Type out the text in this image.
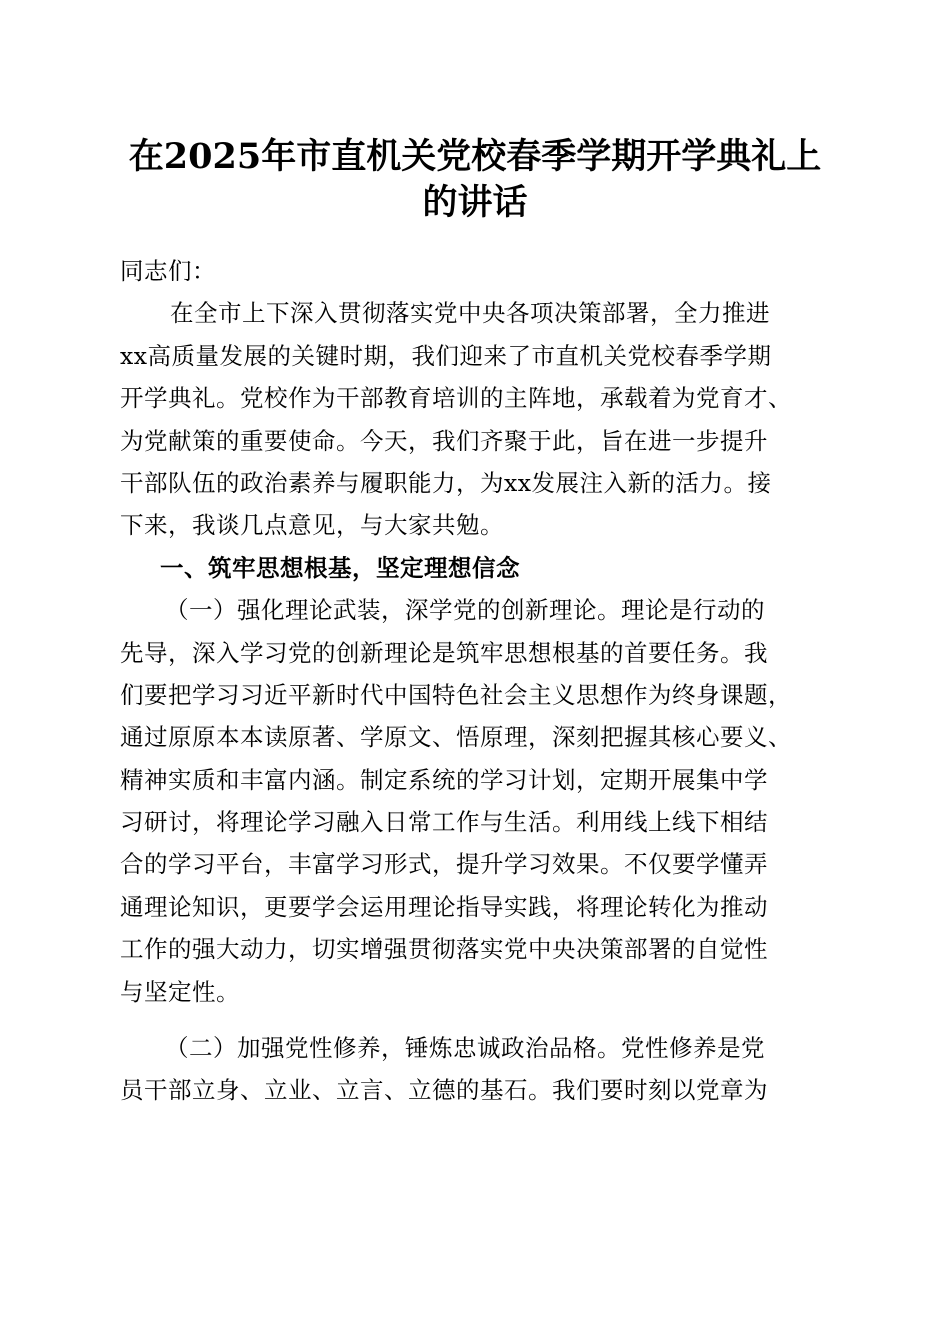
在2025年市直机关党校春季学期开学典礼上
的讲话
同志们：
在全市上下深入贯彻落实党中央各项决策部署，全力推进
xx高质量发展的关键时期，我们迎来了市直机关党校春季学期
开学典礼。党校作为干部教育培训的主阵地，承载着为党育才、
为党献策的重要使命。今天，我们齐聚于此，旨在进一步提升
干部队伍的政治素养与履职能力，为xx发展注入新的活力。接
下来，我谈几点意见，与大家共勉。
一、筑牢思想根基，坚定理想信念
（一）强化理论武装，深学党的创新理论。理论是行动的
先导，深入学习党的创新理论是筑牢思想根基的首要任务。我
们要把学习习近平新时代中国特色社会主义思想作为终身课题，
通过原原本本读原著、学原文、悟原理，深刻把握其核心要义、
精神实质和丰富内涵。制定系统的学习计划，定期开展集中学
习研讨，将理论学习融入日常工作与生活。利用线上线下相结
合的学习平台，丰富学习形式，提升学习效果。不仅要学懂弄
通理论知识，更要学会运用理论指导实践，将理论转化为推动
工作的强大动力，切实增强贯彻落实党中央决策部署的自觉性
与坚定性。
（二）加强党性修养，锤炼忠诚政治品格。党性修养是党
员干部立身、立业、立言、立德的基石。我们要时刻以党章为
